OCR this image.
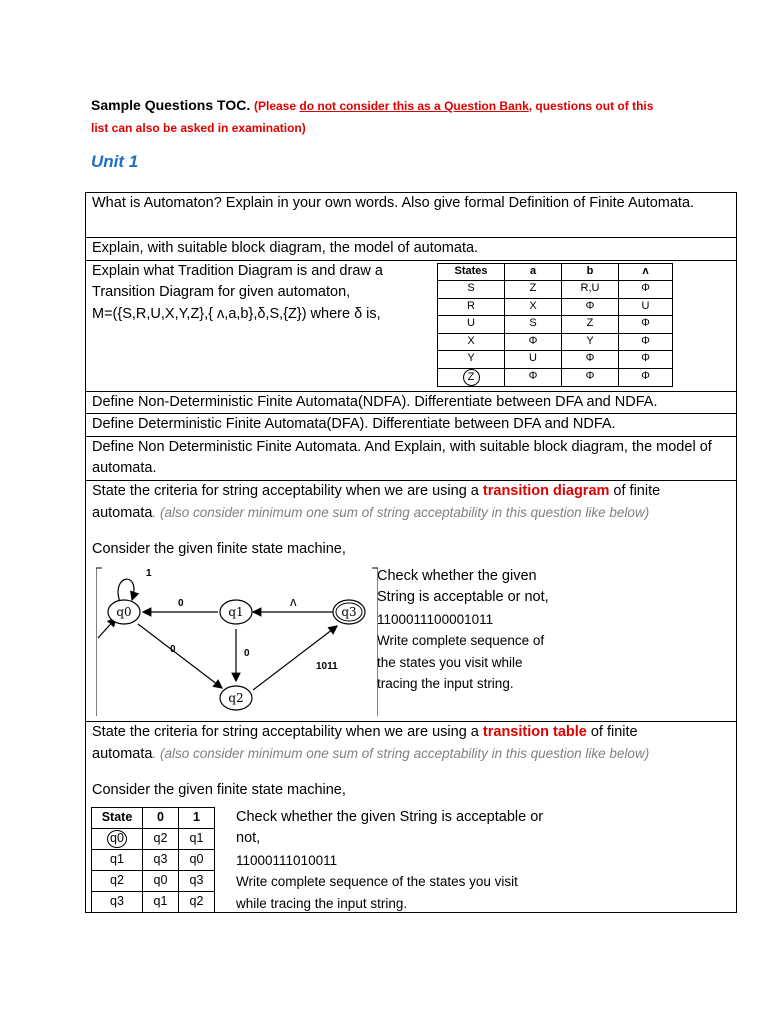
Sample Questions TOC. (Please do not consider this as a Question Bank, questions out of this
list can also be asked in examination)
Unit 1
What is Automaton? Explain in your own words. Also give formal Definition of Finite Automata.
Explain, with suitable block diagram, the model of automata.

Explain what Tradition Diagram is and draw a
Transition Diagram for given automaton,
M=({S,R,U,X,Y,Z},{ ᴧ,a,b},δ,S,{Z}) where δ is,
States	a	b	ᴧ
S	Z	R,U	Φ
R	X	Φ	U
U	S	Z	Φ
X	Φ	Y	Φ
Y	U	Φ	Φ
Z	Φ	Φ	Φ

Define Non-Deterministic Finite Automata(NDFA). Differentiate between DFA and NDFA.
Define Deterministic Finite Automata(DFA). Differentiate between DFA and NDFA.
Define Non Deterministic Finite Automata. And Explain, with suitable block diagram, the model of automata.

State the criteria for string acceptability when we are using a transition diagram of finite
automata. (also consider minimum one sum of string acceptability in this question like below)
Consider the given finite state machine,
q0	q1	q3
q2
1
0	ᴧ
0	0
1011
Check whether the given
String is acceptable or not,
1100011100001011
Write complete sequence of
the states you visit while
tracing the input string.

State the criteria for string acceptability when we are using a transition table of finite
automata. (also consider minimum one sum of string acceptability in this question like below)
Consider the given finite state machine,
State	0	1
q0	q2	q1
q1	q3	q0
q2	q0	q3
q3	q1	q2
Check whether the given String is acceptable or
not,
11000111010011
Write complete sequence of the states you visit
while tracing the input string.
